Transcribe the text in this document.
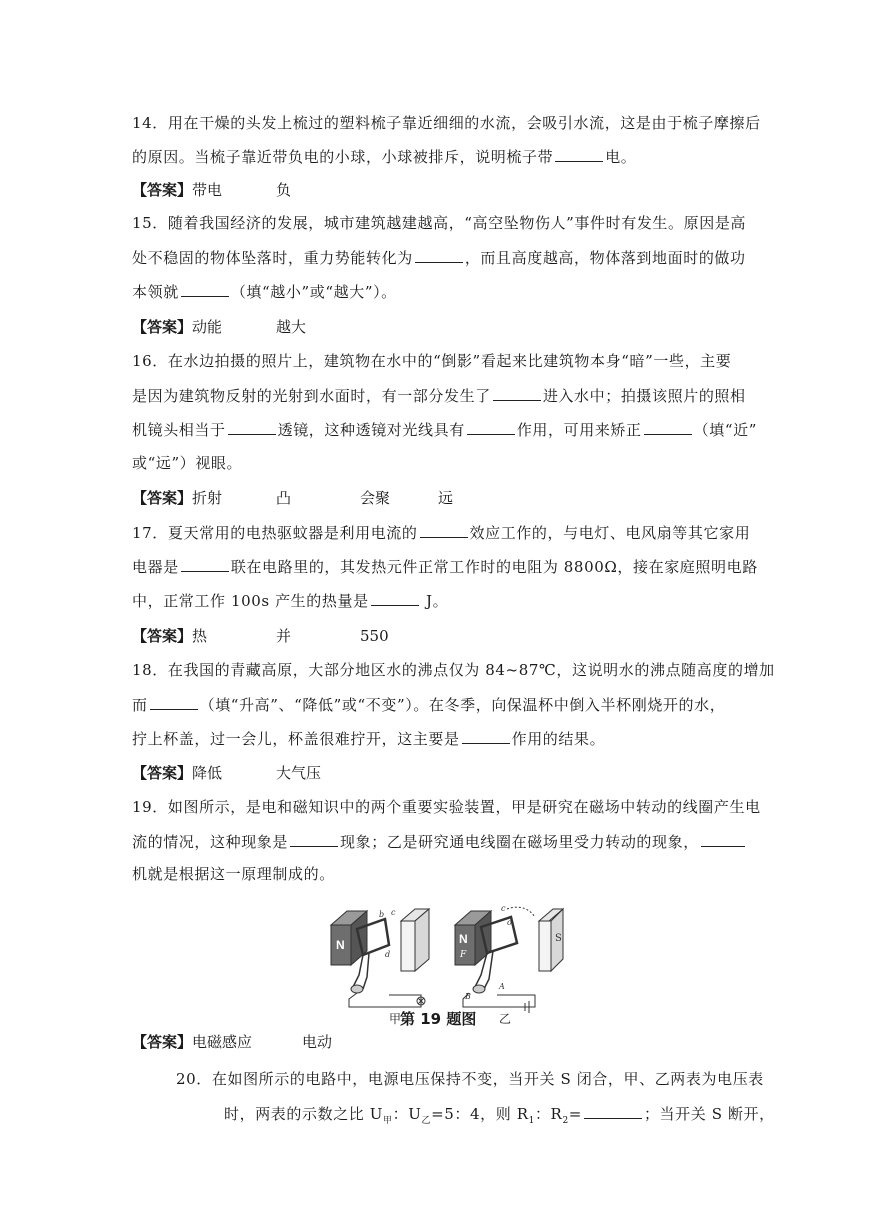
14．用在干燥的头发上梳过的塑料梳子靠近细细的水流，会吸引水流，这是由于梳子摩擦后
的原因。当梳子靠近带负电的小球，小球被排斥，说明梳子带	电。
【答案】 带电	负
15．随着我国经济的发展，城市建筑越建越高，“高空坠物伤人”事件时有发生。原因是高
处不稳固的物体坠落时，重力势能转化为	，而且高度越高，物体落到地面时的做功
本领就	（填“越小”或“越大”）。
【答案】 动能	越大
16．在水边拍摄的照片上，建筑物在水中的“倒影”看起来比建筑物本身“暗”一些，主要
是因为建筑物反射的光射到水面时，有一部分发生了	进入水中；拍摄该照片的照相
机镜头相当于	透镜，这种透镜对光线具有	作用，可用来矫正	（填“近”
或“远”）视眼。
【答案】 折射	凸	会聚	远
17．夏天常用的电热驱蚊器是利用电流的	效应工作的，与电灯、电风扇等其它家用
电器是	联在电路里的，其发热元件正常工作时的电阻为 8800Ω，接在家庭照明电路
中，正常工作 100s 产生的热量是	J。
【答案】 热	并	550
18．在我国的青藏高原，大部分地区水的沸点仅为 84~87℃，这说明水的沸点随高度的增加
而	（填“升高”、“降低”或“不变”）。在冬季，向保温杯中倒入半杯刚烧开的水，
拧上杯盖，过一会儿，杯盖很难拧开，这主要是	作用的结果。
【答案】 降低	大气压
19．如图所示，是电和磁知识中的两个重要实验装置，甲是研究在磁场中转动的线圈产生电
流的情况，这种现象是	现象；乙是研究通电线圈在磁场里受力转动的现象，
机就是根据这一原理制成的。
N
b c
d
N
F
S
B
A
o
c
甲	乙
第 19 题图
【答案】 电磁感应	电动
20．在如图所示的电路中，电源电压保持不变，当开关 S 闭合，甲、乙两表为电压表
时，两表的示数之比 $U_甲$：$U_乙=5$：4，则 $R_1$：$R_2=$	；当开关 S 断开，
